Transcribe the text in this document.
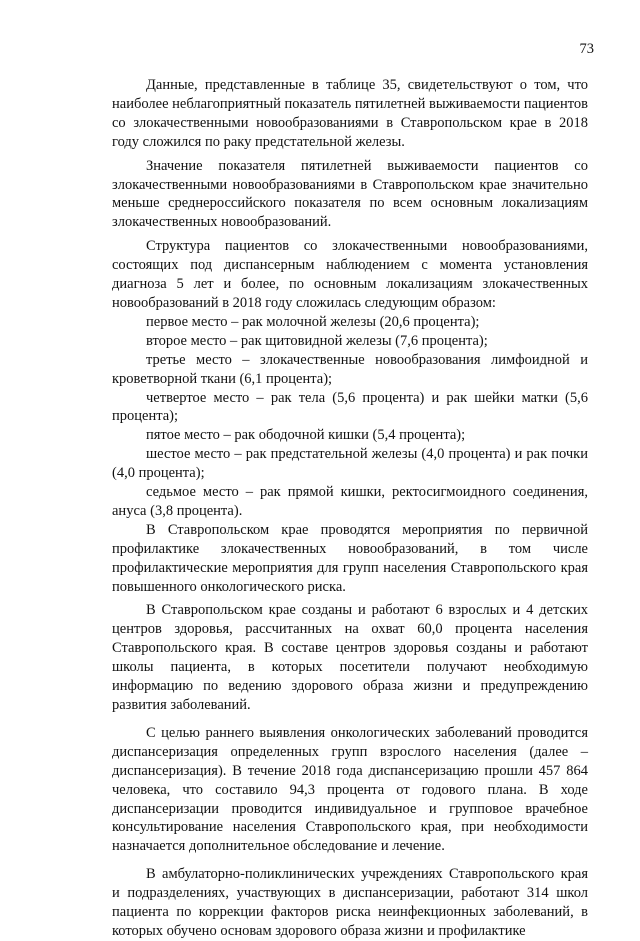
73

Данные, представленные в таблице 35, свидетельствуют о том, что наиболее неблагоприятный показатель пятилетней выживаемости пациентов со злокачественными новообразованиями в Ставропольском крае в 2018 году сложился по раку предстательной железы.

Значение показателя пятилетней выживаемости пациентов со злокачественными новообразованиями в Ставропольском крае значительно меньше среднероссийского показателя по всем основным локализациям злокачественных новообразований.

Структура пациентов со злокачественными новообразованиями, состоящих под диспансерным наблюдением с момента установления диагноза 5 лет и более, по основным локализациям злокачественных новообразований в 2018 году сложилась следующим образом:

первое место – рак молочной железы (20,6 процента);

второе место – рак щитовидной железы (7,6 процента);

третье место – злокачественные новообразования лимфоидной и кроветворной ткани (6,1 процента);

четвертое место – рак тела (5,6 процента) и рак шейки матки (5,6 процента);

пятое место – рак ободочной кишки (5,4 процента);

шестое место – рак предстательной железы (4,0 процента) и рак почки (4,0 процента);

седьмое место – рак прямой кишки, ректосигмоидного соединения, ануса (3,8 процента).

В Ставропольском крае проводятся мероприятия по первичной профилактике злокачественных новообразований, в том числе профилактические мероприятия для групп населения Ставропольского края повышенного онкологического риска.

В Ставропольском крае созданы и работают 6 взрослых и 4 детских центров здоровья, рассчитанных на охват 60,0 процента населения Ставропольского края. В составе центров здоровья созданы и работают школы пациента, в которых посетители получают необходимую информацию по ведению здорового образа жизни и предупреждению развития заболеваний.

С целью раннего выявления онкологических заболеваний проводится диспансеризация определенных групп взрослого населения (далее – диспансеризация). В течение 2018 года диспансеризацию прошли 457 864 человека, что составило 94,3 процента от годового плана. В ходе диспансеризации проводится индивидуальное и групповое врачебное консультирование населения Ставропольского края, при необходимости назначается дополнительное обследование и лечение.

В амбулаторно-поликлинических учреждениях Ставропольского края и подразделениях, участвующих в диспансеризации, работают 314 школ пациента по коррекции факторов риска неинфекционных заболеваний, в которых обучено основам здорового образа жизни и профилактике
